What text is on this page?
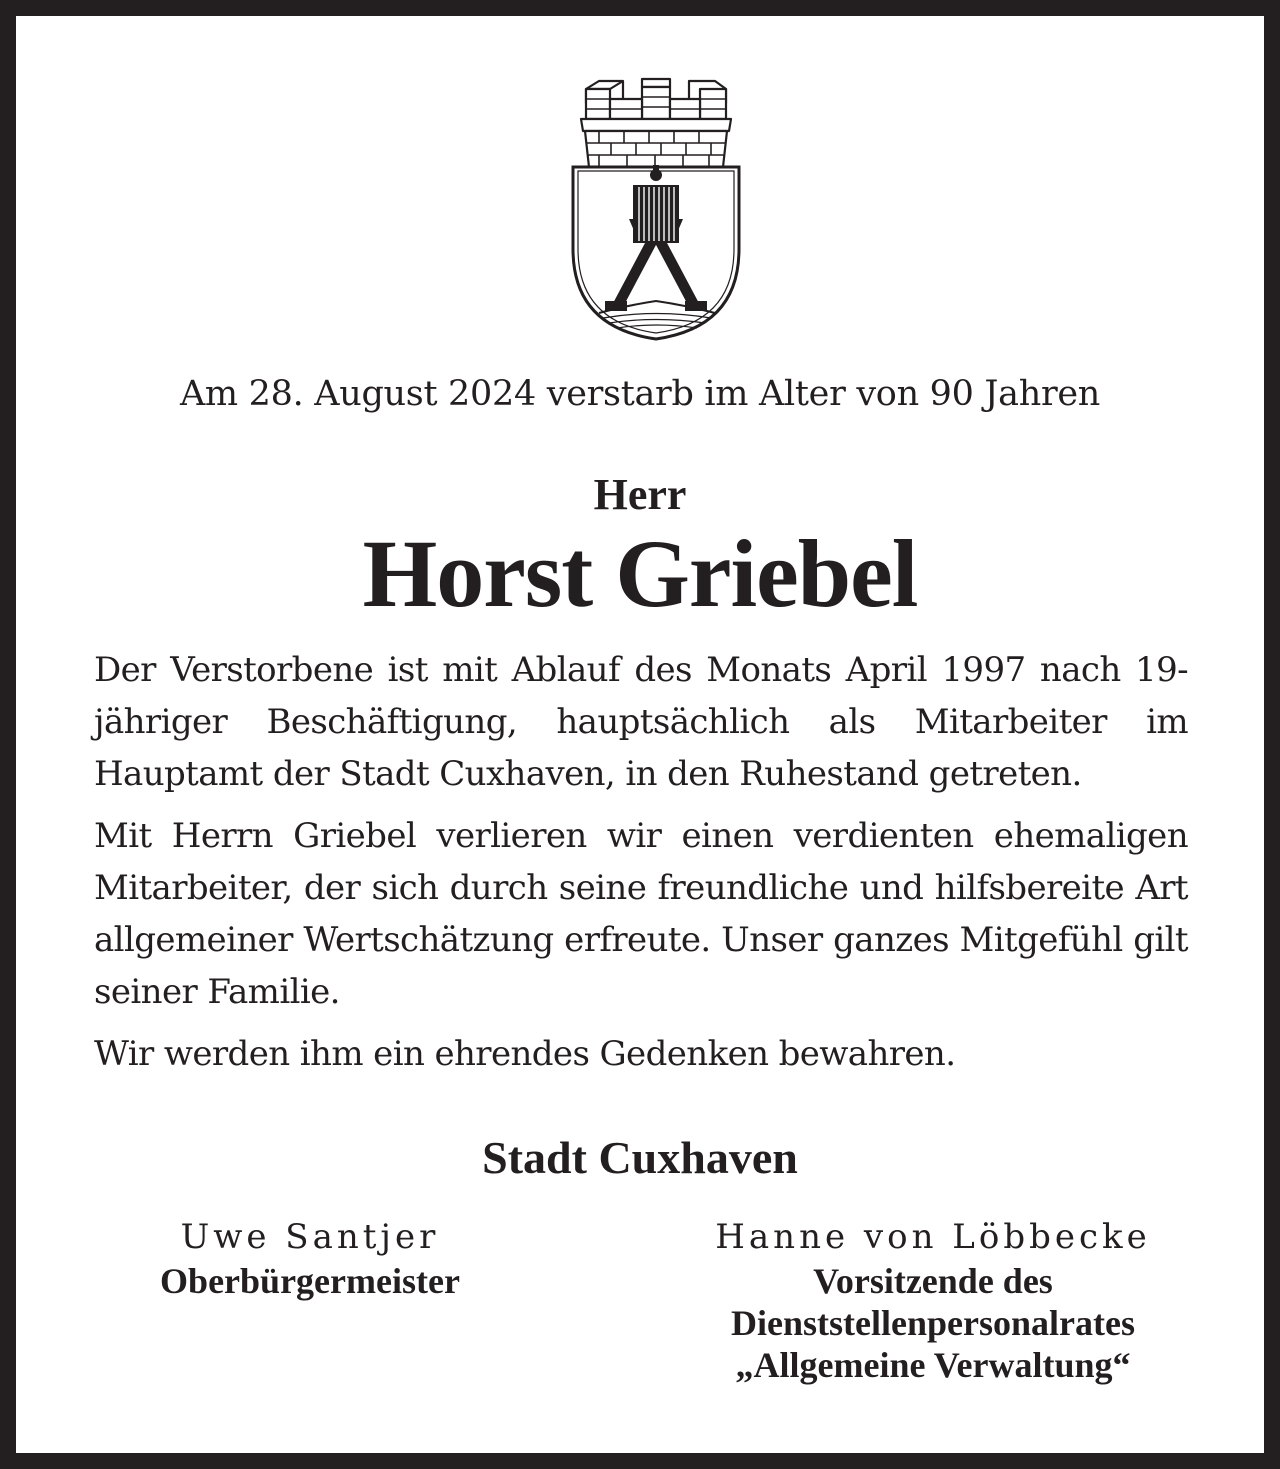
Am 28. August 2024 verstarb im Alter von 90 Jahren
Herr
Horst Griebel

Der Verstorbene ist mit Ablauf des Monats April 1997 nach 19-jähriger Beschäftigung, hauptsächlich als Mitarbeiter im Hauptamt der Stadt Cuxhaven, in den Ruhestand getreten.

Mit Herrn Griebel verlieren wir einen verdienten ehemaligen Mitarbeiter, der sich durch seine freundliche und hilfsbereite Art allgemeiner Wertschätzung erfreute. Unser ganzes Mitgefühl gilt seiner Familie.

Wir werden ihm ein ehrendes Gedenken bewahren.

Stadt Cuxhaven
Uwe Santjer
Oberbürgermeister
Hanne von Löbbecke
Vorsitzende des
Dienststellenpersonalrates
„Allgemeine Verwaltung“
